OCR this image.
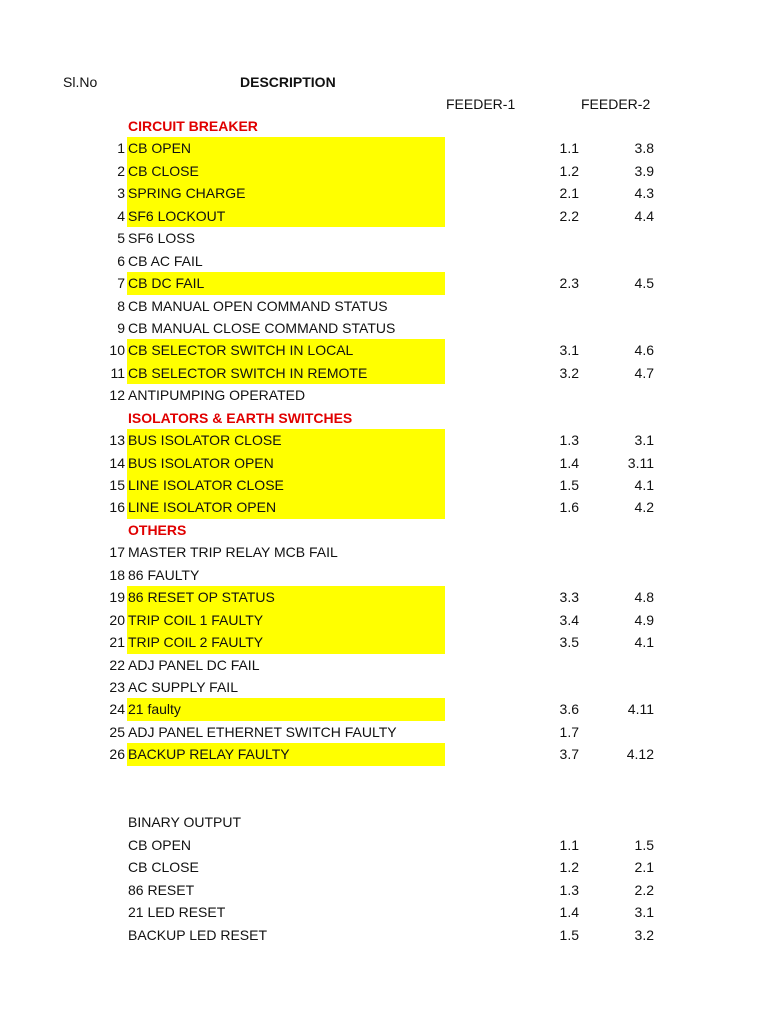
Sl.No	DESCRIPTION
FEEDER-1	FEEDER-2
CIRCUIT BREAKER
1 CB OPEN	1.1	3.8
2 CB CLOSE	1.2	3.9
3 SPRING CHARGE	2.1	4.3
4 SF6 LOCKOUT	2.2	4.4
5 SF6 LOSS
6 CB AC FAIL
7 CB DC FAIL	2.3	4.5
8 CB MANUAL OPEN COMMAND STATUS
9 CB MANUAL CLOSE COMMAND STATUS
10 CB SELECTOR SWITCH IN LOCAL	3.1	4.6
11 CB SELECTOR SWITCH IN REMOTE	3.2	4.7
12 ANTIPUMPING OPERATED
ISOLATORS & EARTH SWITCHES
13 BUS ISOLATOR CLOSE	1.3	3.1
14 BUS ISOLATOR OPEN	1.4	3.11
15 LINE ISOLATOR CLOSE	1.5	4.1
16 LINE ISOLATOR OPEN	1.6	4.2
OTHERS
17 MASTER TRIP RELAY MCB FAIL
18 86 FAULTY
19 86 RESET OP STATUS	3.3	4.8
20 TRIP COIL 1 FAULTY	3.4	4.9
21 TRIP COIL 2 FAULTY	3.5	4.1
22 ADJ PANEL DC FAIL
23 AC SUPPLY FAIL
24 21 faulty	3.6	4.11
25 ADJ PANEL ETHERNET SWITCH FAULTY	1.7
26 BACKUP RELAY FAULTY	3.7	4.12
BINARY OUTPUT
CB OPEN	1.1	1.5
CB CLOSE	1.2	2.1
86 RESET	1.3	2.2
21 LED RESET	1.4	3.1
BACKUP LED RESET	1.5	3.2
